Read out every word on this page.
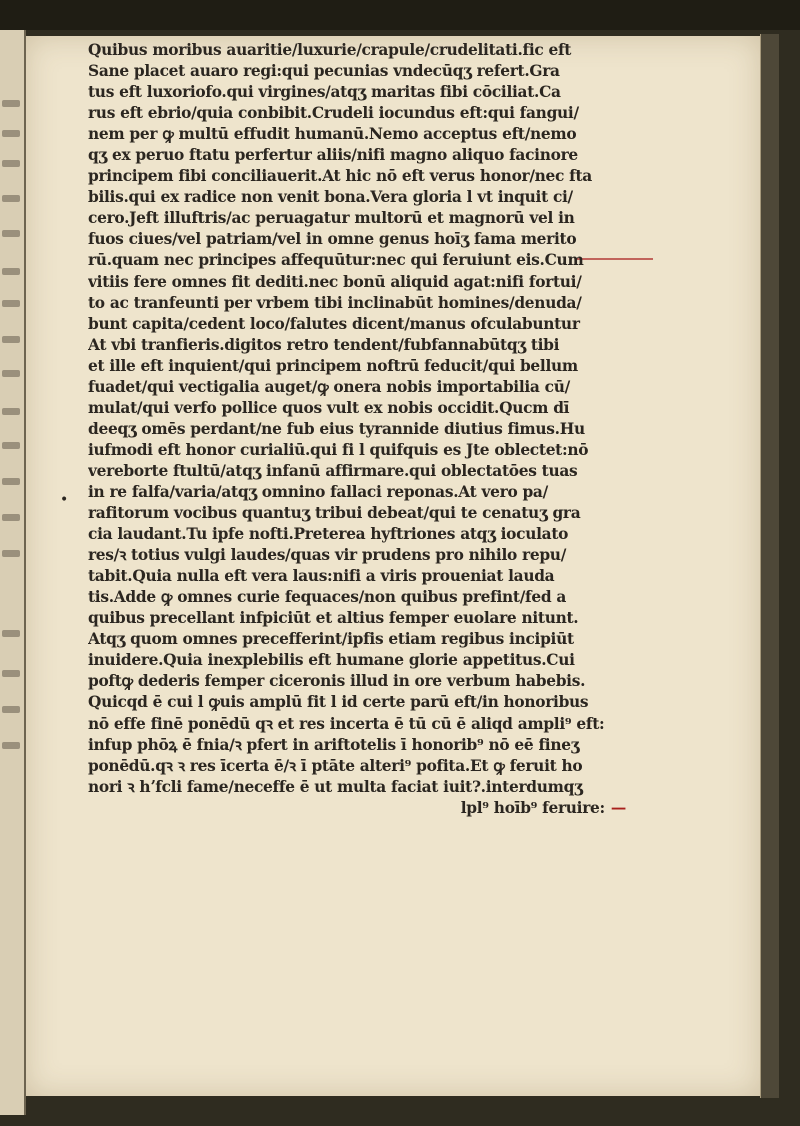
•
Quibus moribus auaritie/luxurie/crapule/crudelitati.fic eft
Sane placet auaro regi:qui pecunias vndecūqʒ refert.Gra
tus eft luxoriofo.qui virgines/atqʒ maritas fibi cōciliat.Ca
rus eft ebrio/quia conbibit.Crudeli iocundus eft:qui fangui/
nem per ꝙ multū effudit humanū.Nemo acceptus eft/nemo
qʒ ex peruo ftatu perfertur aliis/nifi magno aliquo facinore
principem fibi conciliauerit.At hic nō eft verus honor/nec fta
bilis.qui ex radice non venit bona.Vera gloria l vt inquit ci/
cero.Jeft illuftris/ac peruagatur multorū et magnorū vel in
fuos ciues/vel patriam/vel in omne genus hoīʒ fama merito
rū.quam nec principes affequūtur:nec qui feruiunt eis.Cum
vitiis fere omnes fit dediti.nec bonū aliquid agat:nifi fortui/
to ac tranfeunti per vrbem tibi inclinabūt homines/denuda/
bunt capita/cedent loco/falutes dicent/manus ofculabuntur
At vbi tranfieris.digitos retro tendent/fubfannabūtqʒ tibi
et ille eft inquient/qui principem noftrū feducit/qui bellum
fuadet/qui vectigalia auget/ꝙ onera nobis importabilia cū/
mulat/qui verfo pollice quos vult ex nobis occidit.Qucm dī
deeqʒ omēs perdant/ne fub eius tyrannide diutius fimus.Hu
iufmodi eft honor curialiū.qui fi l quifquis es Jte oblectet:nō
vereborte ftultū/atqʒ infanū affirmare.qui oblectatōes tuas
in re falfa/varia/atqʒ omnino fallaci reponas.At vero pa/
rafitorum vocibus quantuʒ tribui debeat/qui te cenatuʒ gra
cia laudant.Tu ipfe nofti.Preterea hyftriones atqʒ ioculato
res/ꝛ totius vulgi laudes/quas vir prudens pro nihilo repu/
tabit.Quia nulla eft vera laus:nifi a viris proueniat lauda
tis.Adde ꝙ omnes curie fequaces/non quibus prefint/fed a
quibus precellant infpiciūt et altius femper euolare nitunt.
Atqʒ quom omnes precefferint/ipfis etiam regibus incipiūt
inuidere.Quia inexplebilis eft humane glorie appetitus.Cui
poftꝙ dederis femper ciceronis illud in ore verbum habebis.
Quicqd ē cui l ꝙuis amplū fit l id certe parū eft/in honoribus
nō effe finē ponēdū qꝛ et res incerta ē tū cū ē aliqd ampli⁹ eft:
infup phōꝝ ē fnia/ꝛ pfert in ariftotelis ī honorib⁹ nō eē fineʒ
ponēdū.qꝛ ꝛ res īcerta ē/ꝛ ī ptāte alteri⁹ pofita.Et ꝙ feruit ho
nori ꝛ hʼfcli fame/neceffe ē ut multa faciat iuit?.interdumqʒ
lpl⁹ hoīb⁹ feruire: —
